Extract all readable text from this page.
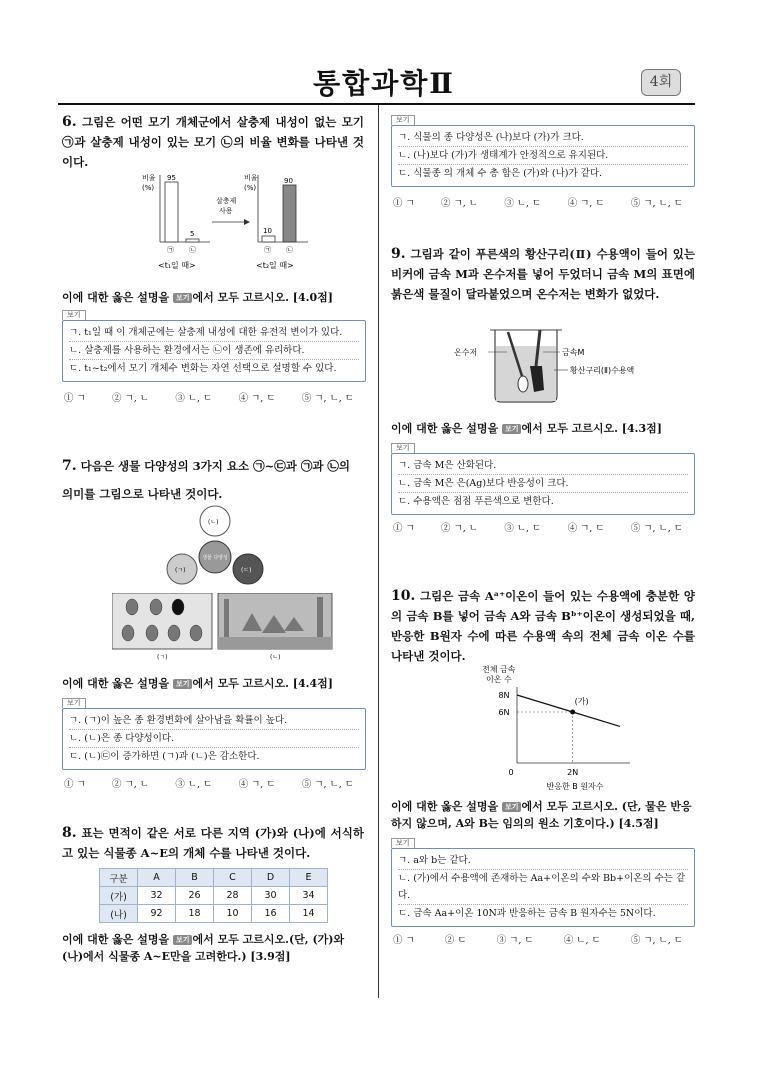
통합과학Ⅱ	4회
6. 그림은 어떤 모기 개체군에서 살충제 내성이 없는 모기 ㉠과 살충제 내성이 있는 모기 ㉡의 비율 변화를 나타낸 것이다.
비율
(%)
95
5
㉠ ㉡
<t₁일 때>
살충제
사용
비율
(%)
10
90
㉠ ㉡
<t₂일 때>
이에 대한 옳은 설명을 보기 에서 모두 고르시오. [4.0점]
보기
ㄱ. t₁일 때 이 개체군에는 살충제 내성에 대한 유전적 변이가 있다.
ㄴ. 살충제를 사용하는 환경에서는 ㉡이 생존에 유리하다.
ㄷ. t₁~t₂에서 모기 개체수 변화는 자연 선택으로 설명할 수 있다.
① ㄱ	② ㄱ, ㄴ	③ ㄴ, ㄷ	④ ㄱ, ㄷ	⑤ ㄱ, ㄴ, ㄷ
7. 다음은 생물 다양성의 3가지 요소 ㉠~㉢과 ㉠과 ㉡의
의미를 그림으로 나타낸 것이다.
(ㄴ)
(ㄱ)	(ㄷ)
생물 다양성
(ㄱ)	(ㄴ)
이에 대한 옳은 설명을 보기 에서 모두 고르시오. [4.4점]
보기
ㄱ. (ㄱ)이 높은 종 환경변화에 살아남을 확률이 높다.
ㄴ. (ㄴ)은 종 다양성이다.
ㄷ. (ㄴ)㉢이 증가하면 (ㄱ)과 (ㄴ)은 감소한다.
① ㄱ	② ㄱ, ㄴ	③ ㄴ, ㄷ	④ ㄱ, ㄷ	⑤ ㄱ, ㄴ, ㄷ
8. 표는 면적이 같은 서로 다른 지역 (가)와 (나)에 서식하고 있는 식물종 A~E의 개체 수를 나타낸 것이다.
구분	A	B	C	D	E
(가)	32	26	28	30	34
(나)	92	18	10	16	14
이에 대한 옳은 설명을 보기 에서 모두 고르시오.(단, (가)와 (나)에서 식물종 A~E만을 고려한다.) [3.9점]
보기
ㄱ. 식물의 종 다양성은 (나)보다 (가)가 크다.
ㄴ. (나)보다 (가)가 생태계가 안정적으로 유지된다.
ㄷ. 식물종 의 개체 수 총 합은 (가)와 (나)가 같다.
① ㄱ	② ㄱ, ㄴ	③ ㄴ, ㄷ	④ ㄱ, ㄷ	⑤ ㄱ, ㄴ, ㄷ
9. 그림과 같이 푸른색의 황산구리(Ⅱ) 수용액이 들어 있는 비커에 금속 M과 온수저를 넣어 두었더니 금속 M의 표면에 붉은색 물질이 달라붙었으며 온수저는 변화가 없었다.
온수저	금속M
황산구리(Ⅱ)수용액
이에 대한 옳은 설명을 보기 에서 모두 고르시오. [4.3점]
보기
ㄱ. 금속 M은 산화된다.
ㄴ. 금속 M은 은(Ag)보다 반응성이 크다.
ㄷ. 수용액은 점점 푸른색으로 변한다.
① ㄱ	② ㄱ, ㄴ	③ ㄴ, ㄷ	④ ㄱ, ㄷ	⑤ ㄱ, ㄴ, ㄷ
10. 그림은 금속 Aᵃ⁺이온이 들어 있는 수용액에 충분한 양의 금속 B를 넣어 금속 A와 금속 Bᵇ⁺이온이 생성되었을 때, 반응한 B원자 수에 따른 수용액 속의 전체 금속 이온 수를 나타낸 것이다.
전체 금속
이온 수
(가)
8N
6N
0	2N
반응한 B 원자수
이에 대한 옳은 설명을 보기 에서 모두 고르시오. (단, 물은 반응하지 않으며, A와 B는 임의의 원소 기호이다.) [4.5점]
보기
ㄱ. a와 b는 같다.
ㄴ. (가)에서 수용액에 존재하는 Aa+이온의 수와 Bb+이온의 수는 같다.
ㄷ. 금속 Aa+이온 10N과 반응하는 금속 B 원자수는 5N이다.
① ㄱ	② ㄷ	③ ㄱ, ㄷ	④ ㄴ, ㄷ	⑤ ㄱ, ㄴ, ㄷ
